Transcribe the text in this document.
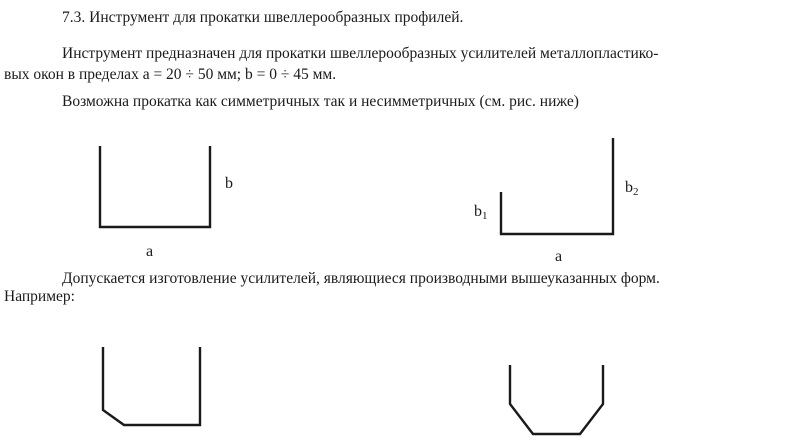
7.3. Инструмент для прокатки швеллерообразных профилей.
Инструмент предназначен для прокатки швеллерообразных усилителей металлопластико-
вых окон в пределах а = 20 ÷ 50 мм; b = 0 ÷ 45 мм.
Возможна прокатка как симметричных так и несимметричных (см. рис. ниже)
b
a
$b_1$
$b_2$
a
Допускается изготовление усилителей, являющиеся производными вышеуказанных форм.
Например:
